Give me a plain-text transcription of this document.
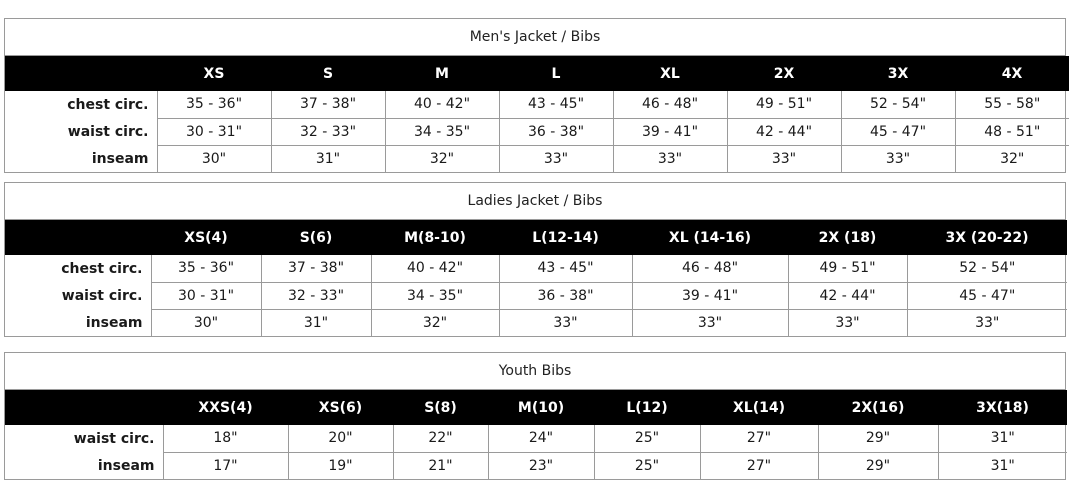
Men's Jacket / Bibs
	XS	S	M	L	XL	2X	3X	4X
chest circ.	35 - 36"	37 - 38"	40 - 42"	43 - 45"	46 - 48"	49 - 51"	52 - 54"	55 - 58"
waist circ.	30 - 31"	32 - 33"	34 - 35"	36 - 38"	39 - 41"	42 - 44"	45 - 47"	48 - 51"
inseam	30"	31"	32"	33"	33"	33"	33"	32"
Ladies Jacket / Bibs
	XS(4)	S(6)	M(8-10)	L(12-14)	XL (14-16)	2X (18)	3X (20-22)
chest circ.	35 - 36"	37 - 38"	40 - 42"	43 - 45"	46 - 48"	49 - 51"	52 - 54"
waist circ.	30 - 31"	32 - 33"	34 - 35"	36 - 38"	39 - 41"	42 - 44"	45 - 47"
inseam	30"	31"	32"	33"	33"	33"	33"
Youth Bibs
	XXS(4)	XS(6)	S(8)	M(10)	L(12)	XL(14)	2X(16)	3X(18)
waist circ.	18"	20"	22"	24"	25"	27"	29"	31"
inseam	17"	19"	21"	23"	25"	27"	29"	31"
